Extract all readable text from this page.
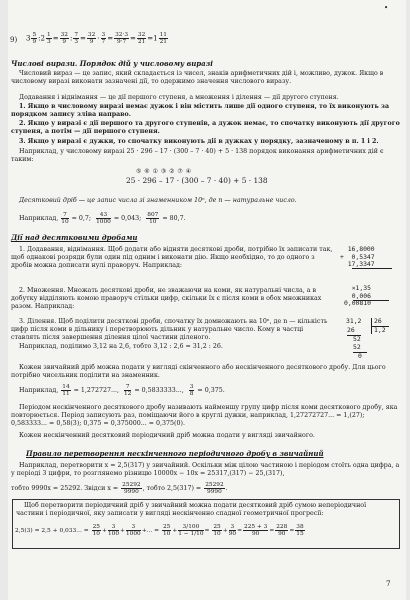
•
9) $3 \frac{5}{9}$ :2 $\frac{1}{3} = \frac{32}{9}$ : $\frac{7}{3} = \frac{32}{9} \cdot \frac{3}{7} = \frac{32\cdot 3}{9\cdot 7} = \frac{32}{21} =1 \frac{11}{21}$
Числові вирази. Порядок дій у числовому виразі
Числовий вираз — це запис, який складається із чисел, знаків арифметичних дій і, можливо, дужок. Якщо в числовому виразі виконати зазначені дії, то одержимо значення числового виразу.
Додавання і віднімання — це дії першого ступеня, а множення і ділення — дії другого ступеня.
1. Якщо в числовому виразі немає дужок і він містить лише дії одного ступеня, то їх виконують за порядком запису зліва направо.
2. Якщо у виразі є дії першого та другого ступенів, а дужок немає, то спочатку виконують дії другого ступеня, а потім — дії першого ступеня.
3. Якщо у виразі є дужки, то спочатку виконують дії в дужках у порядку, зазначеному в п. 1 і 2.
Наприклад, у числовому виразі 25 · 296 – 17 · (300 – 7 · 40) + 5 · 138 порядок виконання арифметичних дій є таким:
⑤ ⑥ ① ③ ② ⑦ ④
25 · 296 – 17 · (300 – 7 · 40) + 5 · 138
Десятковий дріб — це запис числа зі знаменником 10ⁿ, де n — натуральне число.
Наприклад, $\frac{7}{10} = 0,7$; $\frac{43}{1000} = 0,043$; $\frac{807}{10} = 80,7$.
Дії над десятковими дробами
1. Додавання, віднімання. Щоб додати або відняти десяткові дроби, потрібно їх записати так, щоб однакові розряди були один під одним і виконати дію. Якщо необхідно, то до одного з дробів можна дописати нулі праворуч. Наприклад:
16,8000
+  0,5347
17,3347
2. Множення. Множать десяткові дроби, не зважаючи на коми, як натуральні числа, а в добутку відділяють комою праворуч стільки цифр, скільки їх є після коми в обох множниках разом. Наприклад:
×1,35
0,006
0,00810
3. Ділення. Щоб поділити десяткові дроби, спочатку їх домножають на 10ⁿ, де n — кількість цифр після коми в дільнику і перетворюють дільник у натуральне число. Кому в частці ставлять після завершення ділення цілої частини діленого.
Наприклад, поділимо 3,12 на 2,6, тобто 3,12 : 2,6 = 31,2 : 26.
31,2 26
1,2
26
52
52
0
Кожен звичайний дріб можна подати у вигляді скінченного або нескінченного десяткового дробу. Для цього потрібно чисельник поділити на знаменник.
Наприклад, $\frac{14}{11} = 1,272727$..., $\frac{7}{12} = 0,5833333$..., $\frac{3}{8} = 0,375$.
Періодом нескінченного десяткового дробу називають найменшу групу цифр після коми десяткового дробу, яка повторюється. Період записують раз, поміщаючи його в круглі дужки, наприклад, 1,27272727... = 1,(27); 0,583333... = 0,58(3); 0,375 = 0,375000... = 0,375(0).
Кожен нескінченний десятковий періодичний дріб можна подати у вигляді звичайного.
Правило перетворення нескінченного періодичного дробу в звичайний
Наприклад, перетворити x = 2,5(317) у звичайний. Оскільки між цілою частиною і періодом стоїть одна цифра, а у періоді 3 цифри, то розглянемо різницю 10000x − 10x = 25317,(317) − 25,(317),
тобто 9990x = 25292. Звідси $x = \frac{25292}{9990}$ , тобто $2,5(317) = \frac{25292}{9990}$ .
Щоб перетворити періодичний дріб у звичайний можна подати десятковий дріб сумою неперіодичної частини і періодичної, яку записати у вигляді нескінченно спадної геометричної прогресії:
2,5(3) = 2,5 + 0,033... = $\frac{25}{10} + \frac{3}{100} + \frac{3}{1000}$ +... = $\frac{25}{10} + \frac{3/100}{1 - 1/10} = \frac{25}{10} + \frac{3}{90} = \frac{225 + 3}{90} = \frac{228}{90} = \frac{38}{15}$
7
